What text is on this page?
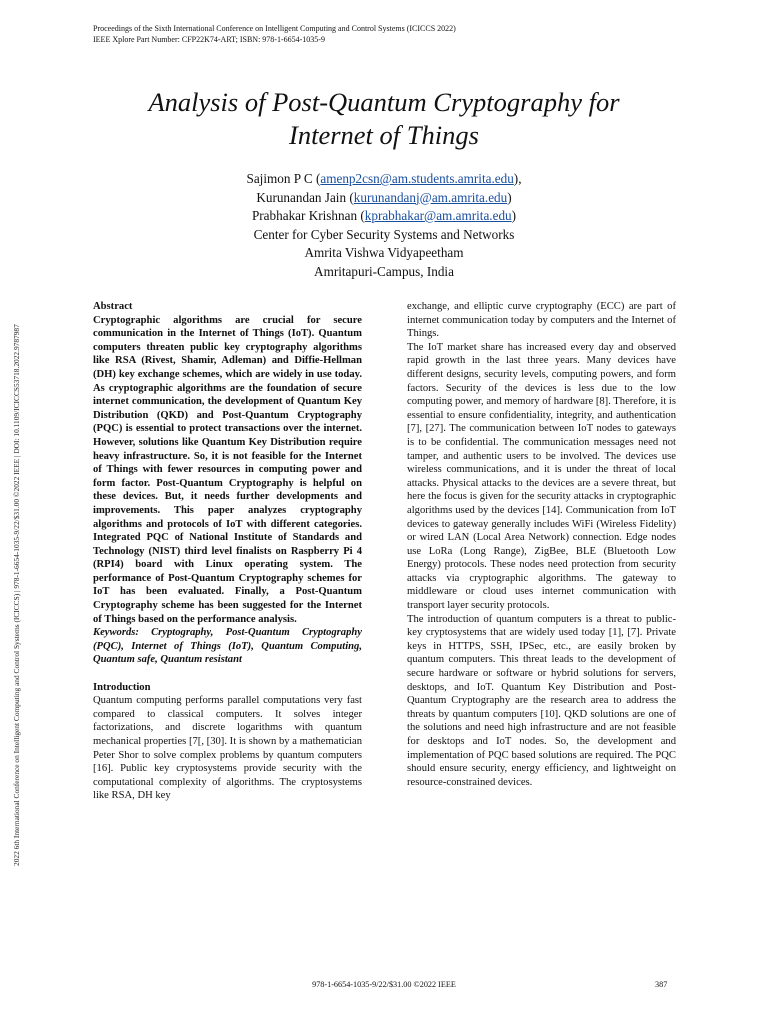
Proceedings of the Sixth International Conference on Intelligent Computing and Control Systems (ICICCS 2022)
IEEE Xplore Part Number: CFP22K74-ART; ISBN: 978-1-6654-1035-9
2022 6th International Conference on Intelligent Computing and Control Systems (ICICCS) | 978-1-6654-1035-9/22/$31.00 ©2022 IEEE | DOI: 10.1109/ICICCS53718.2022.9787987
Analysis of Post-Quantum Cryptography for
Internet of Things
Sajimon P C (amenp2csn@am.students.amrita.edu),
Kurunandan Jain (kurunandanj@am.amrita.edu)
Prabhakar Krishnan (kprabhakar@am.amrita.edu)
Center for Cyber Security Systems and Networks
Amrita Vishwa Vidyapeetham
Amritapuri-Campus, India

Abstract

Cryptographic algorithms are crucial for secure communication in the Internet of Things (IoT). Quantum computers threaten public key cryptography algorithms like RSA (Rivest, Shamir, Adleman) and Diffie-Hellman (DH) key exchange schemes, which are widely in use today. As cryptographic algorithms are the foundation of secure internet communication, the development of Quantum Key Distribution (QKD) and Post-Quantum Cryptography (PQC) is essential to protect transactions over the internet. However, solutions like Quantum Key Distribution require heavy infrastructure. So, it is not feasible for the Internet of Things with fewer resources in computing power and form factor. Post-Quantum Cryptography is helpful on these devices. But, it needs further developments and improvements. This paper analyzes cryptography algorithms and protocols of IoT with different categories. Integrated PQC of National Institute of Standards and Technology (NIST) third level finalists on Raspberry Pi 4 (RPI4) board with Linux operating system. The performance of Post-Quantum Cryptography schemes for IoT has been evaluated. Finally, a Post-Quantum Cryptography scheme has been suggested for the Internet of Things based on the performance analysis.

Keywords: Cryptography, Post-Quantum Cryptography (PQC), Internet of Things (IoT), Quantum Computing, Quantum safe, Quantum resistant

Introduction

Quantum computing performs parallel computations very fast compared to classical computers. It solves integer factorizations, and discrete logarithms with quantum mechanical properties [7[, [30]. It is shown by a mathematician Peter Shor to solve complex problems by quantum computers [16]. Public key cryptosystems provide security with the computational complexity of algorithms. The cryptosystems like RSA, DH key

exchange, and elliptic curve cryptography (ECC) are part of internet communication today by computers and the Internet of Things.

The IoT market share has increased every day and observed rapid growth in the last three years. Many devices have different designs, security levels, computing powers, and form factors. Security of the devices is less due to the low computing power, and memory of hardware [8]. Therefore, it is essential to ensure confidentiality, integrity, and authentication [7], [27]. The communication between IoT nodes to gateways is to be confidential. The communication messages need not tamper, and authentic users to be involved. The devices use wireless communications, and it is under the threat of local attacks. Physical attacks to the devices are a severe threat, but here the focus is given for the security attacks in cryptographic algorithms used by the devices [14]. Communication from IoT devices to gateway generally includes WiFi (Wireless Fidelity) or wired LAN (Local Area Network) connection. Edge nodes use LoRa (Long Range), ZigBee, BLE (Bluetooth Low Energy) protocols. These nodes need protection from security attacks via cryptographic algorithms. The gateway to middleware or cloud uses internet communication with transport layer security protocols.

The introduction of quantum computers is a threat to public-key cryptosystems that are widely used today [1], [7]. Private keys in HTTPS, SSH, IPSec, etc., are easily broken by quantum computers. This threat leads to the development of secure hardware or software or hybrid solutions for servers, desktops, and IoT. Quantum Key Distribution and Post-Quantum Cryptography are the research area to address the threats by quantum computers [10]. QKD solutions are one of the solutions and need high infrastructure and are not feasible for desktops and IoT nodes. So, the development and implementation of PQC based solutions are required. The PQC should ensure security, energy efficiency, and lightweight on resource-constrained devices.

978-1-6654-1035-9/22/$31.00 ©2022 IEEE	387
